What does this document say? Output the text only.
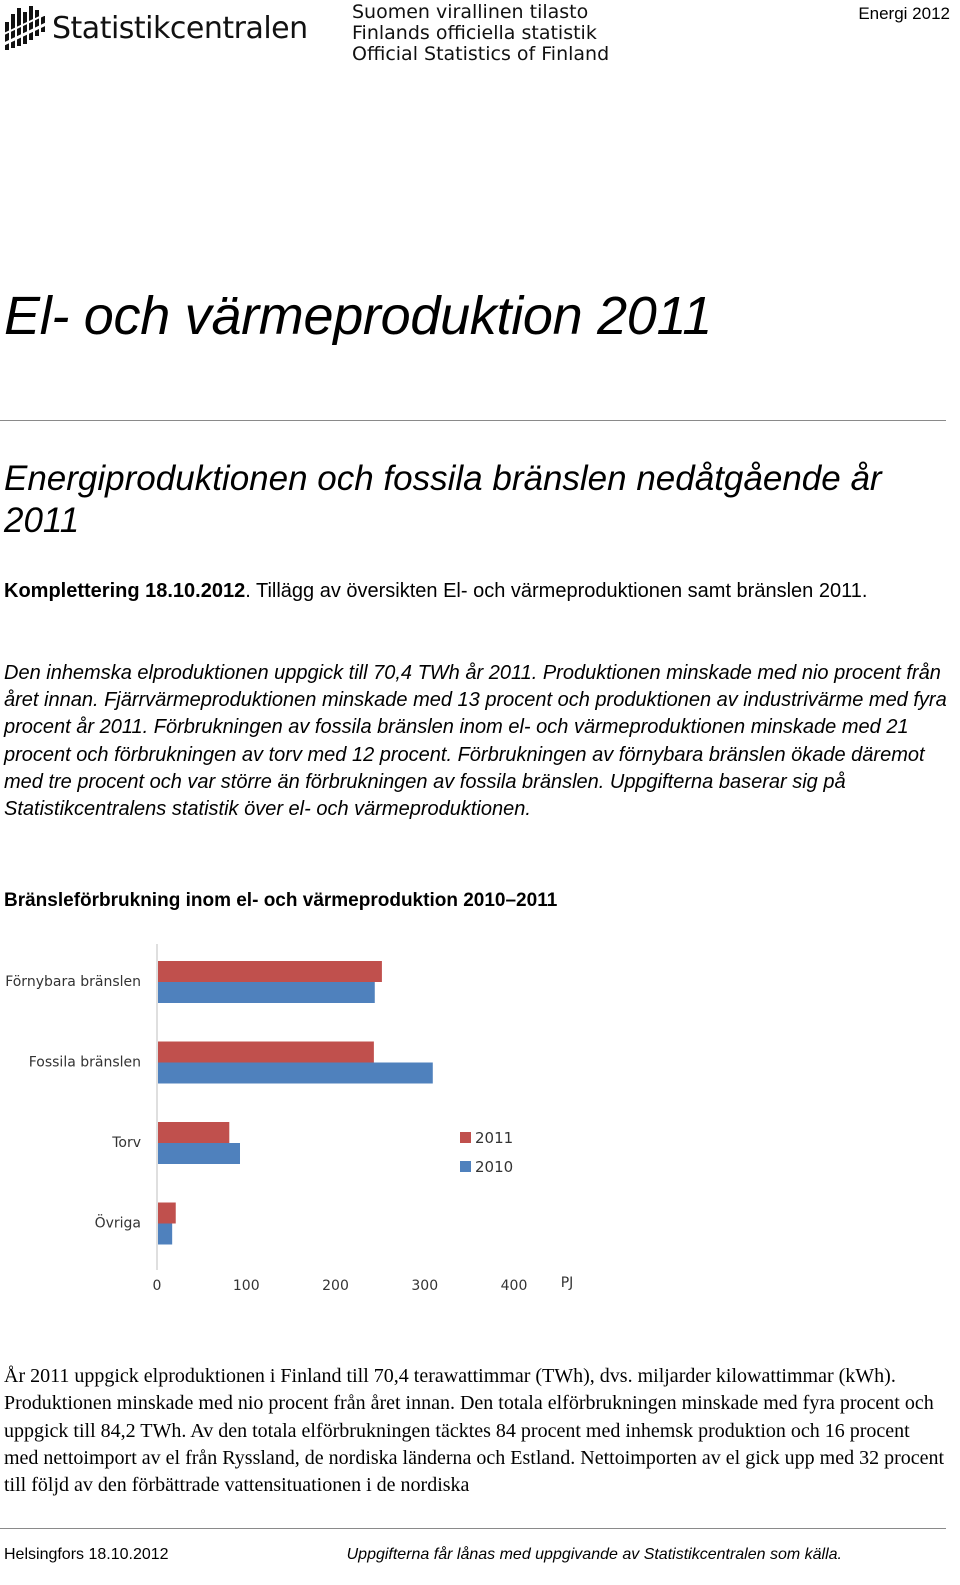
Statistikcentralen Suomen virallinen tilasto
Finlands officiella statistik
Official Statistics of Finland
Energi 2012
El- och värmeproduktion 2011
Energiproduktionen och fossila bränslen nedåtgående år 2011
Komplettering 18.10.2012. Tillägg av översikten El- och värmeproduktionen samt bränslen 2011.
Den inhemska elproduktionen uppgick till 70,4 TWh år 2011. Produktionen minskade med nio procent från året innan. Fjärrvärmeproduktionen minskade med 13 procent och produktionen av industrivärme med fyra procent år 2011. Förbrukningen av fossila bränslen inom el- och värmeproduktionen minskade med 21 procent och förbrukningen av torv med 12 procent. Förbrukningen av förnybara bränslen ökade däremot med tre procent och var större än förbrukningen av fossila bränslen. Uppgifterna baserar sig på Statistikcentralens statistik över el- och värmeproduktionen.
Bränsleförbrukning inom el- och värmeproduktion 2010–2011
Förnybara bränslen
Fossila bränslen
Torv
Övriga
0	100	200	300	400 PJ
2011
2010
År 2011 uppgick elproduktionen i Finland till 70,4 terawattimmar (TWh), dvs. miljarder kilowattimmar (kWh). Produktionen minskade med nio procent från året innan. Den totala elförbrukningen minskade med fyra procent och uppgick till 84,2 TWh. Av den totala elförbrukningen täcktes 84 procent med inhemsk produktion och 16 procent med nettoimport av el från Ryssland, de nordiska länderna och Estland. Nettoimporten av el gick upp med 32 procent till följd av den förbättrade vattensituationen i de nordiska
Helsingfors 18.10.2012	Uppgifterna får lånas med uppgivande av Statistikcentralen som källa.
